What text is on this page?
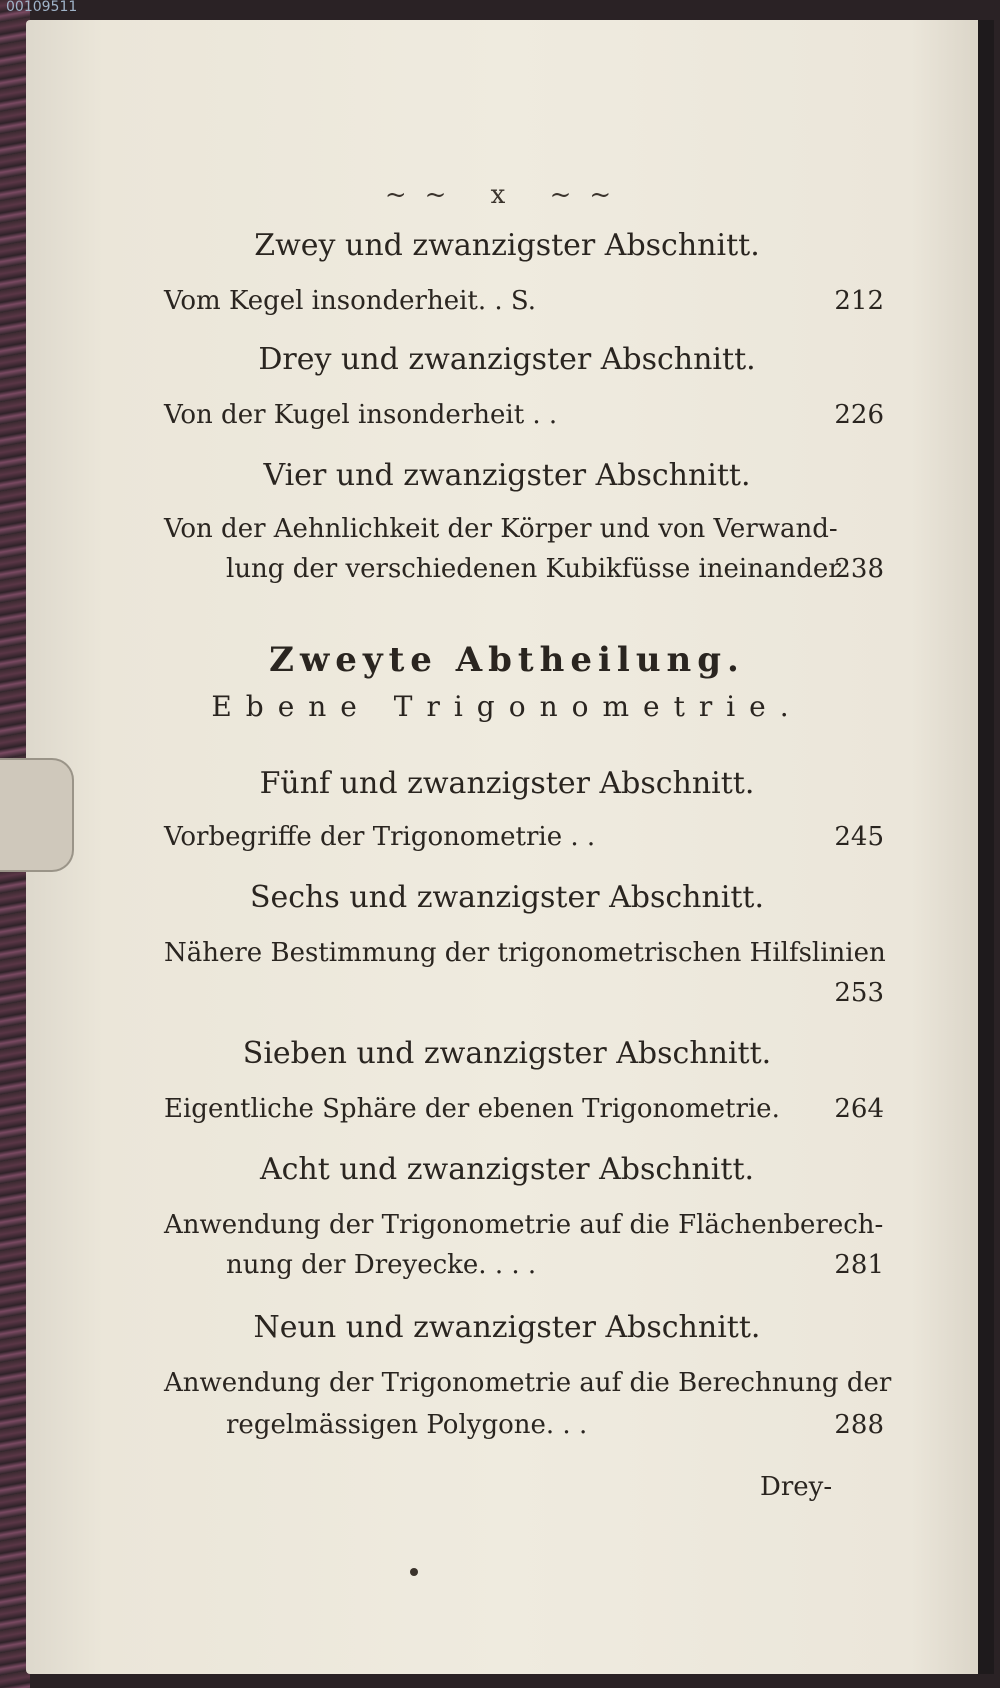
00109511
~~ x ~~
Zwey und zwanzigster Abschnitt.
Vom Kegel insonderheit. . S.	212
Drey und zwanzigster Abschnitt.
Von der Kugel insonderheit . .	226
Vier und zwanzigster Abschnitt.
Von der Aehnlichkeit der Körper und von Verwand-
lung der verschiedenen Kubikfüsse ineinander
238
Zweyte Abtheilung.
Ebene Trigonometrie.
Fünf und zwanzigster Abschnitt.
Vorbegriffe der Trigonometrie . .	245
Sechs und zwanzigster Abschnitt.
Nähere Bestimmung der trigonometrischen Hilfslinien
253
Sieben und zwanzigster Abschnitt.
Eigentliche Sphäre der ebenen Trigonometrie. 264
Acht und zwanzigster Abschnitt.
Anwendung der Trigonometrie auf die Flächenberech-
nung der Dreyecke. . . .	281
Neun und zwanzigster Abschnitt.
Anwendung der Trigonometrie auf die Berechnung der
regelmässigen Polygone. . .	288
Drey-
